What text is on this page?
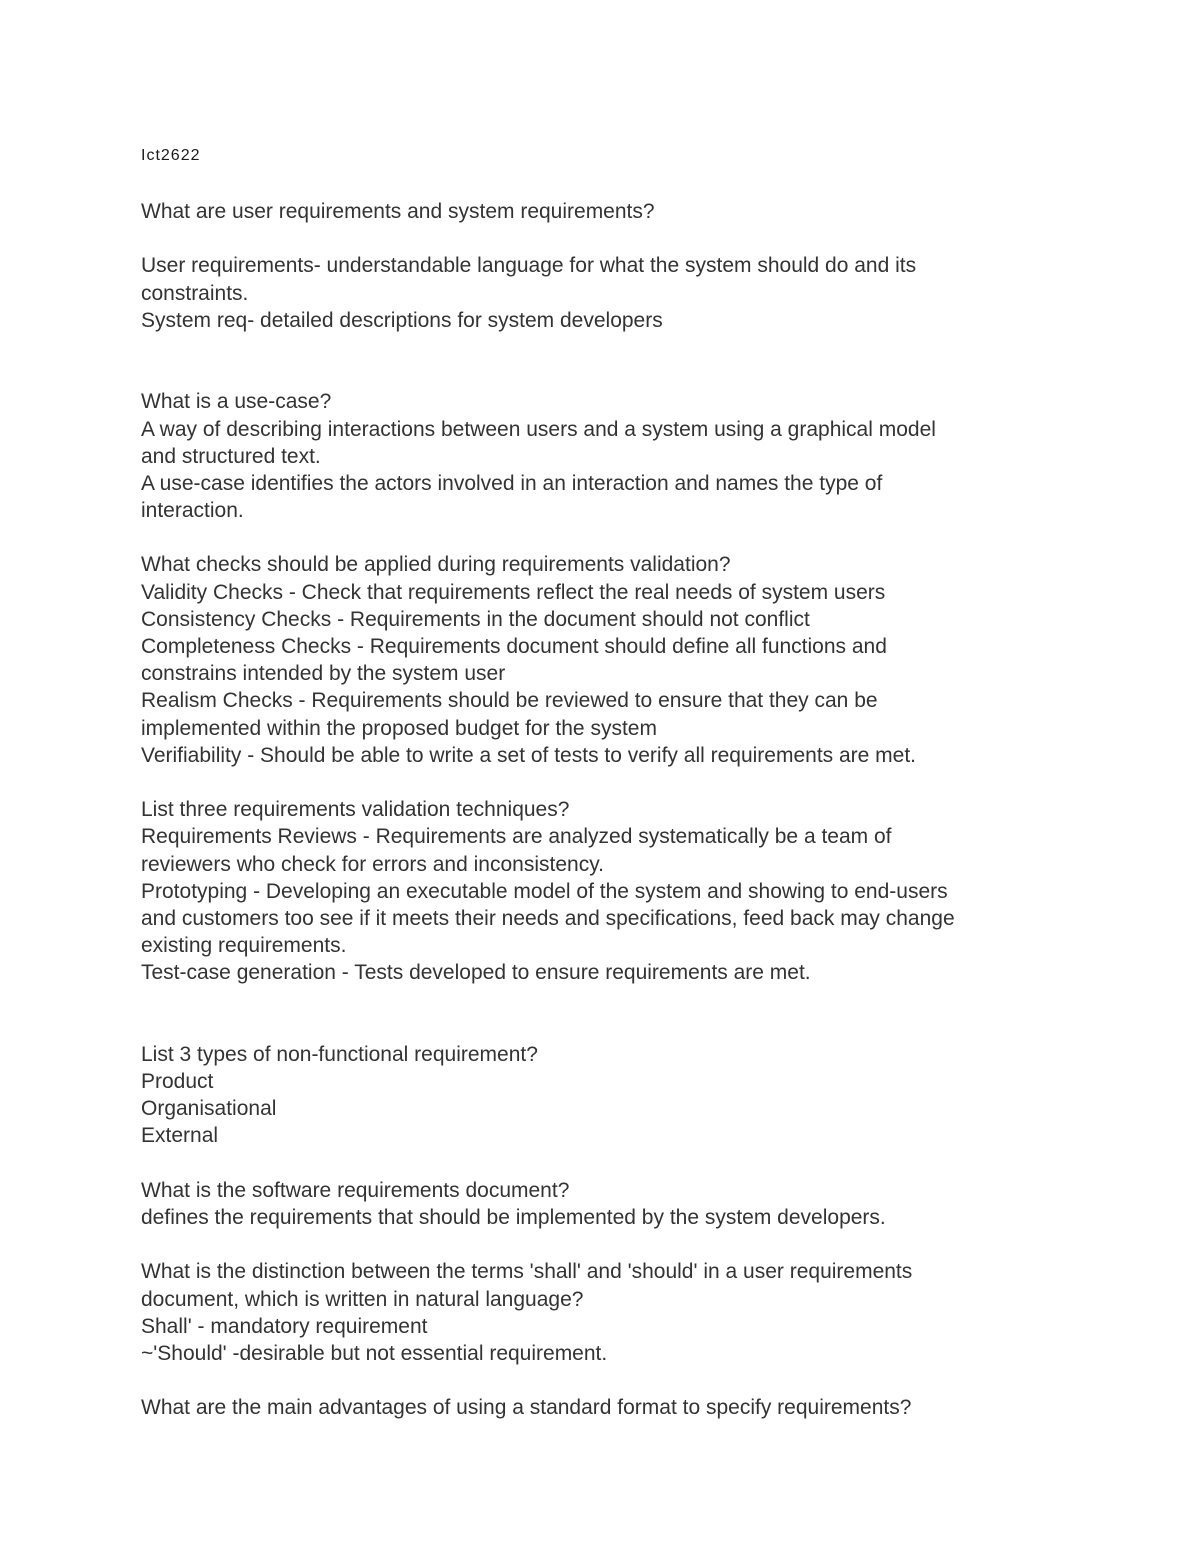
Ict2622
What are user requirements and system requirements?
User requirements- understandable language for what the system should do and its
constraints.
System req- detailed descriptions for system developers
What is a use-case?
A way of describing interactions between users and a system using a graphical model
and structured text.
A use-case identifies the actors involved in an interaction and names the type of
interaction.
What checks should be applied during requirements validation?
Validity Checks - Check that requirements reflect the real needs of system users
Consistency Checks - Requirements in the document should not conflict
Completeness Checks - Requirements document should define all functions and
constrains intended by the system user
Realism Checks - Requirements should be reviewed to ensure that they can be
implemented within the proposed budget for the system
Verifiability - Should be able to write a set of tests to verify all requirements are met.
List three requirements validation techniques?
Requirements Reviews - Requirements are analyzed systematically be a team of
reviewers who check for errors and inconsistency.
Prototyping - Developing an executable model of the system and showing to end-users
and customers too see if it meets their needs and specifications, feed back may change
existing requirements.
Test-case generation - Tests developed to ensure requirements are met.
List 3 types of non-functional requirement?
Product
Organisational
External
What is the software requirements document?
defines the requirements that should be implemented by the system developers.
What is the distinction between the terms 'shall' and 'should' in a user requirements
document, which is written in natural language?
Shall' - mandatory requirement
~'Should' -desirable but not essential requirement.
What are the main advantages of using a standard format to specify requirements?
